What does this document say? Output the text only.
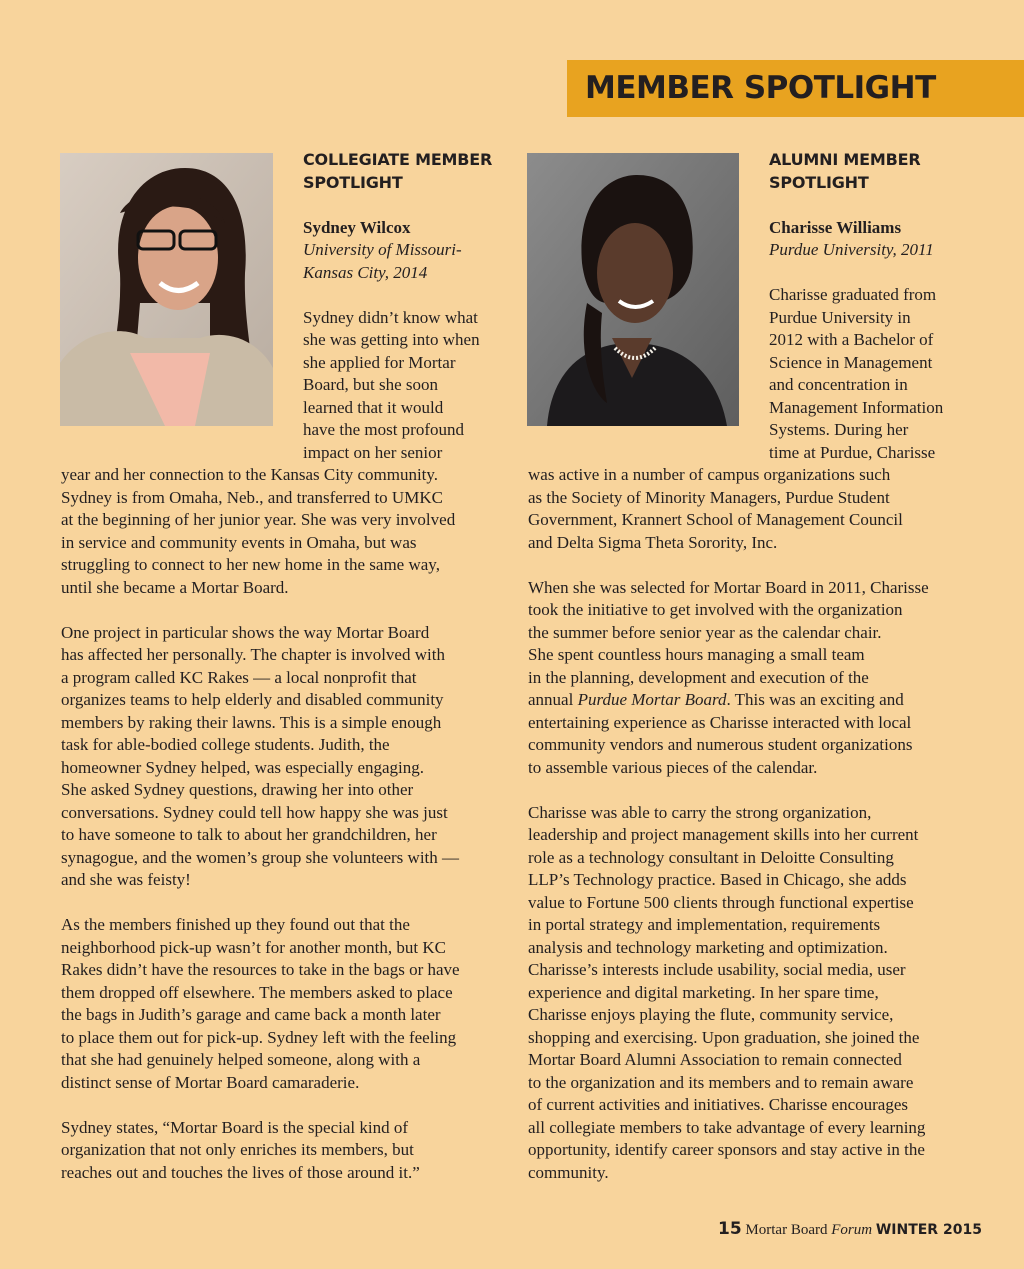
MEMBER SPOTLIGHT
COLLEGIATE MEMBER
SPOTLIGHT
Sydney Wilcox
University of Missouri-
Kansas City, 2014
Sydney didn’t know what
she was getting into when
she applied for Mortar
Board, but she soon
learned that it would
have the most profound
impact on her senior
year and her connection to the Kansas City community.
Sydney is from Omaha, Neb., and transferred to UMKC
at the beginning of her junior year. She was very involved
in service and community events in Omaha, but was
struggling to connect to her new home in the same way,
until she became a Mortar Board.
One project in particular shows the way Mortar Board
has affected her personally. The chapter is involved with
a program called KC Rakes — a local nonprofit that
organizes teams to help elderly and disabled community
members by raking their lawns. This is a simple enough
task for able-bodied college students. Judith, the
homeowner Sydney helped, was especially engaging.
She asked Sydney questions, drawing her into other
conversations. Sydney could tell how happy she was just
to have someone to talk to about her grandchildren, her
synagogue, and the women’s group she volunteers with —
and she was feisty!
As the members finished up they found out that the
neighborhood pick-up wasn’t for another month, but KC
Rakes didn’t have the resources to take in the bags or have
them dropped off elsewhere. The members asked to place
the bags in Judith’s garage and came back a month later
to place them out for pick-up. Sydney left with the feeling
that she had genuinely helped someone, along with a
distinct sense of Mortar Board camaraderie.
Sydney states, “Mortar Board is the special kind of
organization that not only enriches its members, but
reaches out and touches the lives of those around it.”
ALUMNI MEMBER
SPOTLIGHT
Charisse Williams
Purdue University, 2011
Charisse graduated from
Purdue University in
2012 with a Bachelor of
Science in Management
and concentration in
Management Information
Systems. During her
time at Purdue, Charisse
was active in a number of campus organizations such
as the Society of Minority Managers, Purdue Student
Government, Krannert School of Management Council
and Delta Sigma Theta Sorority, Inc.
When she was selected for Mortar Board in 2011, Charisse
took the initiative to get involved with the organization
the summer before senior year as the calendar chair.
She spent countless hours managing a small team
in the planning, development and execution of the
annual Purdue Mortar Board. This was an exciting and
entertaining experience as Charisse interacted with local
community vendors and numerous student organizations
to assemble various pieces of the calendar.
Charisse was able to carry the strong organization,
leadership and project management skills into her current
role as a technology consultant in Deloitte Consulting
LLP’s Technology practice. Based in Chicago, she adds
value to Fortune 500 clients through functional expertise
in portal strategy and implementation, requirements
analysis and technology marketing and optimization.
Charisse’s interests include usability, social media, user
experience and digital marketing. In her spare time,
Charisse enjoys playing the flute, community service,
shopping and exercising. Upon graduation, she joined the
Mortar Board Alumni Association to remain connected
to the organization and its members and to remain aware
of current activities and initiatives. Charisse encourages
all collegiate members to take advantage of every learning
opportunity, identify career sponsors and stay active in the
community.
15 Mortar Board Forum WINTER 2015
